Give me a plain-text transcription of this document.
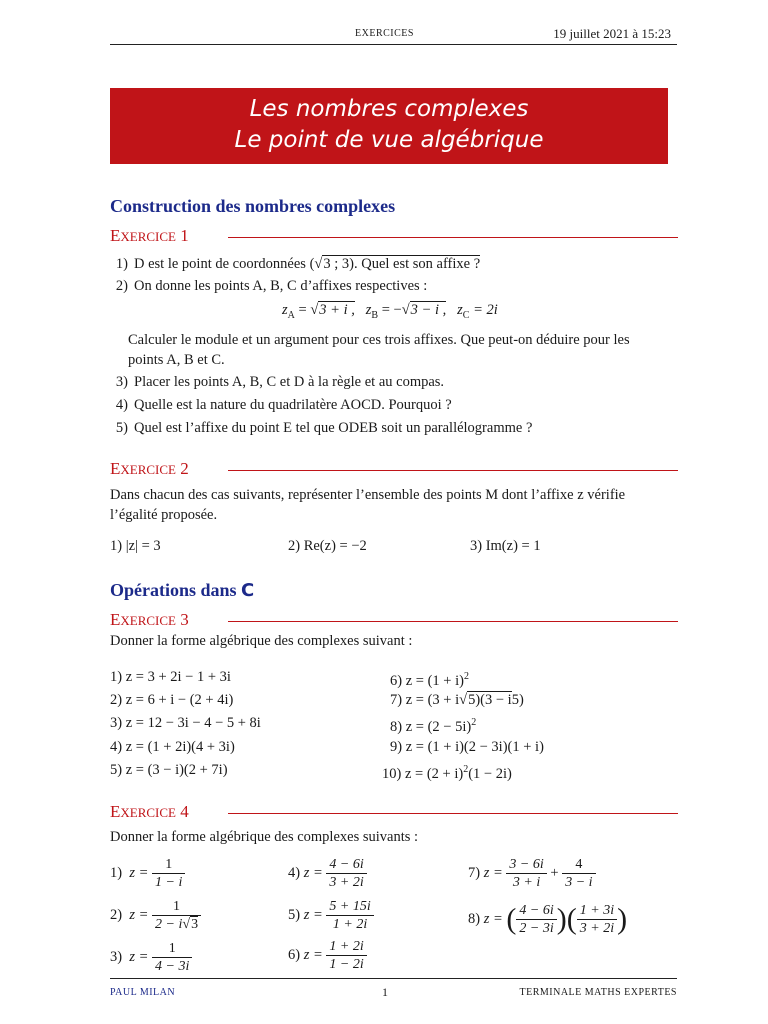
EXERCICES	19 juillet 2021 à 15:23
Les nombres complexes
Le point de vue algébrique
Construction des nombres complexes
EXERCICE 1
1) D est le point de coordonnées (√3 ; 3). Quel est son affixe ?
2) On donne les points A, B, C d’affixes respectives :
$z_A = √3 + i$ , $z_B = -√3 - i$ , $z_C = 2i$
Calculer le module et un argument pour ces trois affixes. Que peut-on déduire pour les points A, B et C.
3) Placer les points A, B, C et D à la règle et au compas.
4) Quelle est la nature du quadrilatère AOCD. Pourquoi ?
5) Quel est l’affixe du point E tel que ODEB soit un parallélogramme ?
EXERCICE 2
Dans chacun des cas suivants, représenter l’ensemble des points M dont l’affixe z vérifie l’égalité proposée.
1) |z| = 3	2) Re(z) = −2	3) Im(z) = 1
Opérations dans C
EXERCICE 3
Donner la forme algébrique des complexes suivant :
1) z = 3 + 2i − 1 + 3i
2) z = 6 + i − (2 + 4i)
3) z = 12 − 3i − 4 − 5 + 8i
4) z = (1 + 2i)(4 + 3i)
5) z = (3 − i)(2 + 7i)
6) $z = (1 + i)^2$
7) z = (3 + i√5)(3 − i5)
8) $z = (2 - 5i)^2$
9) z = (1 + i)(2 − 3i)(1 + i)
10) $z = (2 + i)^2(1 - 2i)$
EXERCICE 4
Donner la forme algébrique des complexes suivants :
1) $z = \frac{1}{1 - i}$
2) $z = \frac{1}{2 - i√3}$
3) $z = \frac{1}{4 - 3i}$
4) $z = \frac{4 - 6i}{3 + 2i}$
5) $z = \frac{5 + 15i}{1 + 2i}$
6) $z = \frac{1 + 2i}{1 - 2i}$
7) $z = \frac{3 - 6i}{3 + i} + \frac{4}{3 - i}$
8) z = ( $\frac{4 - 6i}{2 - 3i}$ )( $\frac{1 + 3i}{3 + 2i}$ )
PAUL MILAN	1	TERMINALE MATHS EXPERTES
